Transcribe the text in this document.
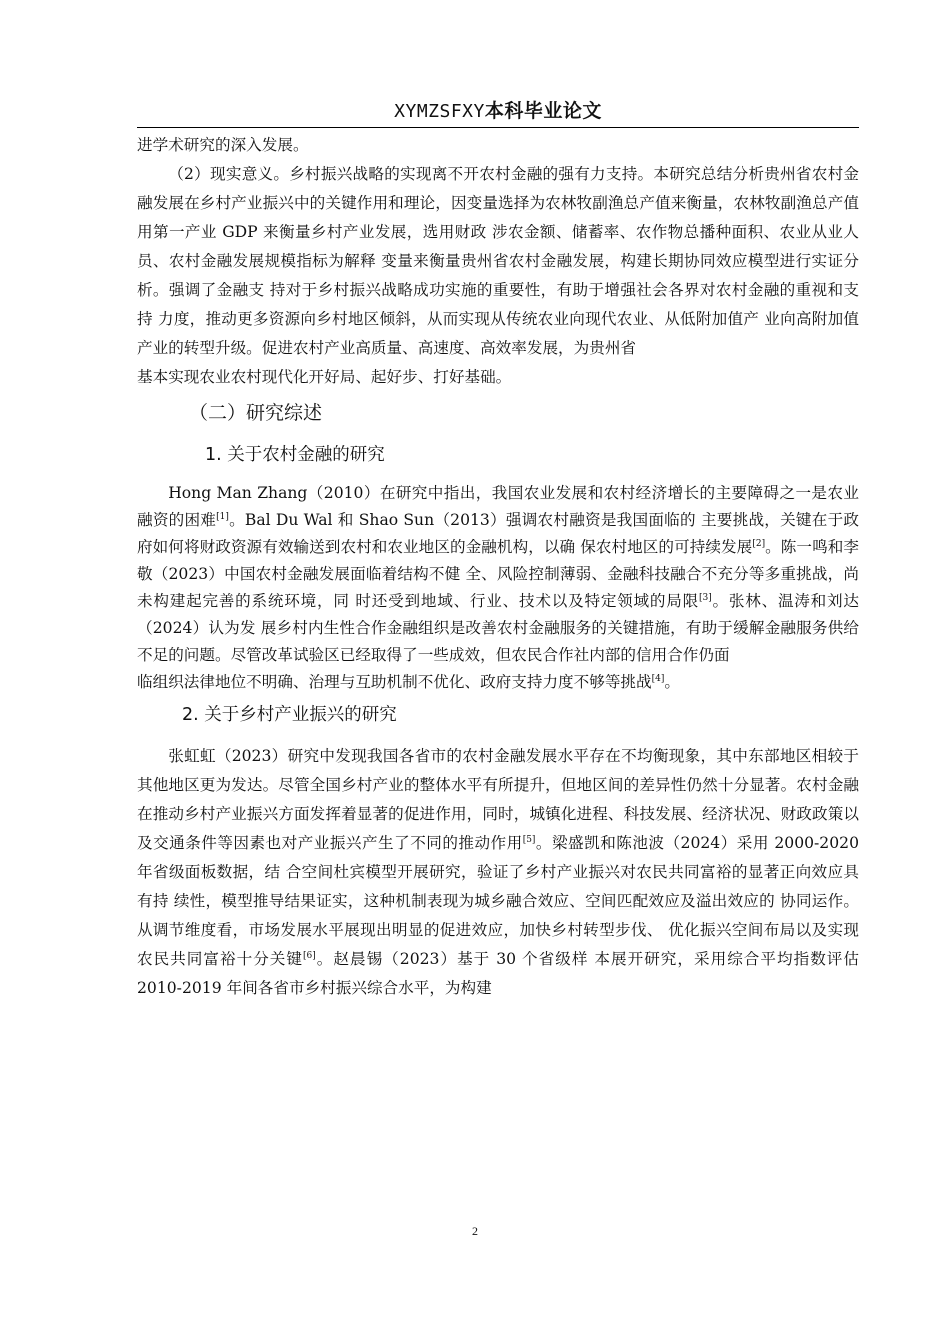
XYMZSFXY本科毕业论文

进学术研究的深入发展。

（2）现实意义。乡村振兴战略的实现离不开农村金融的强有力支持。本研究总结分析贵州省农村金融发展在乡村产业振兴中的关键作用和理论，因变量选择为农林牧副渔总产值来衡量，农林牧副渔总产值用第一产业 GDP 来衡量乡村产业发展，选用财政 涉农金额、储蓄率、农作物总播种面积、农业从业人员、农村金融发展规模指标为解释 变量来衡量贵州省农村金融发展，构建长期协同效应模型进行实证分析。强调了金融支 持对于乡村振兴战略成功实施的重要性，有助于增强社会各界对农村金融的重视和支持 力度，推动更多资源向乡村地区倾斜，从而实现从传统农业向现代农业、从低附加值产 业向高附加值产业的转型升级。促进农村产业高质量、高速度、高效率发展，为贵州省

基本实现农业农村现代化开好局、起好步、打好基础。

（二）研究综述
1. 关于农村金融的研究

Hong Man Zhang（2010）在研究中指出，我国农业发展和农村经济增长的主要障碍之一是农业融资的困难[1]。Bal Du Wal 和 Shao Sun（2013）强调农村融资是我国面临的 主要挑战，关键在于政府如何将财政资源有效输送到农村和农业地区的金融机构，以确 保农村地区的可持续发展[2]。陈一鸣和李敬（2023）中国农村金融发展面临着结构不健 全、风险控制薄弱、金融科技融合不充分等多重挑战，尚未构建起完善的系统环境，同 时还受到地域、行业、技术以及特定领域的局限[3]。张林、温涛和刘达（2024）认为发 展乡村内生性合作金融组织是改善农村金融服务的关键措施，有助于缓解金融服务供给 不足的问题。尽管改革试验区已经取得了一些成效，但农民合作社内部的信用合作仍面

临组织法律地位不明确、治理与互助机制不优化、政府支持力度不够等挑战[4]。

2. 关于乡村产业振兴的研究

张虹虹（2023）研究中发现我国各省市的农村金融发展水平存在不均衡现象，其中东部地区相较于其他地区更为发达。尽管全国乡村产业的整体水平有所提升，但地区间的差异性仍然十分显著。农村金融在推动乡村产业振兴方面发挥着显著的促进作用，同时，城镇化进程、科技发展、经济状况、财政政策以及交通条件等因素也对产业振兴产生了不同的推动作用[5]。梁盛凯和陈池波（2024）采用 2000-2020 年省级面板数据，结 合空间杜宾模型开展研究，验证了乡村产业振兴对农民共同富裕的显著正向效应具有持 续性，模型推导结果证实，这种机制表现为城乡融合效应、空间匹配效应及溢出效应的 协同运作。从调节维度看，市场发展水平展现出明显的促进效应，加快乡村转型步伐、 优化振兴空间布局以及实现农民共同富裕十分关键[6]。赵晨锡（2023）基于 30 个省级样 本展开研究，采用综合平均指数评估 2010-2019 年间各省市乡村振兴综合水平，为构建

2
